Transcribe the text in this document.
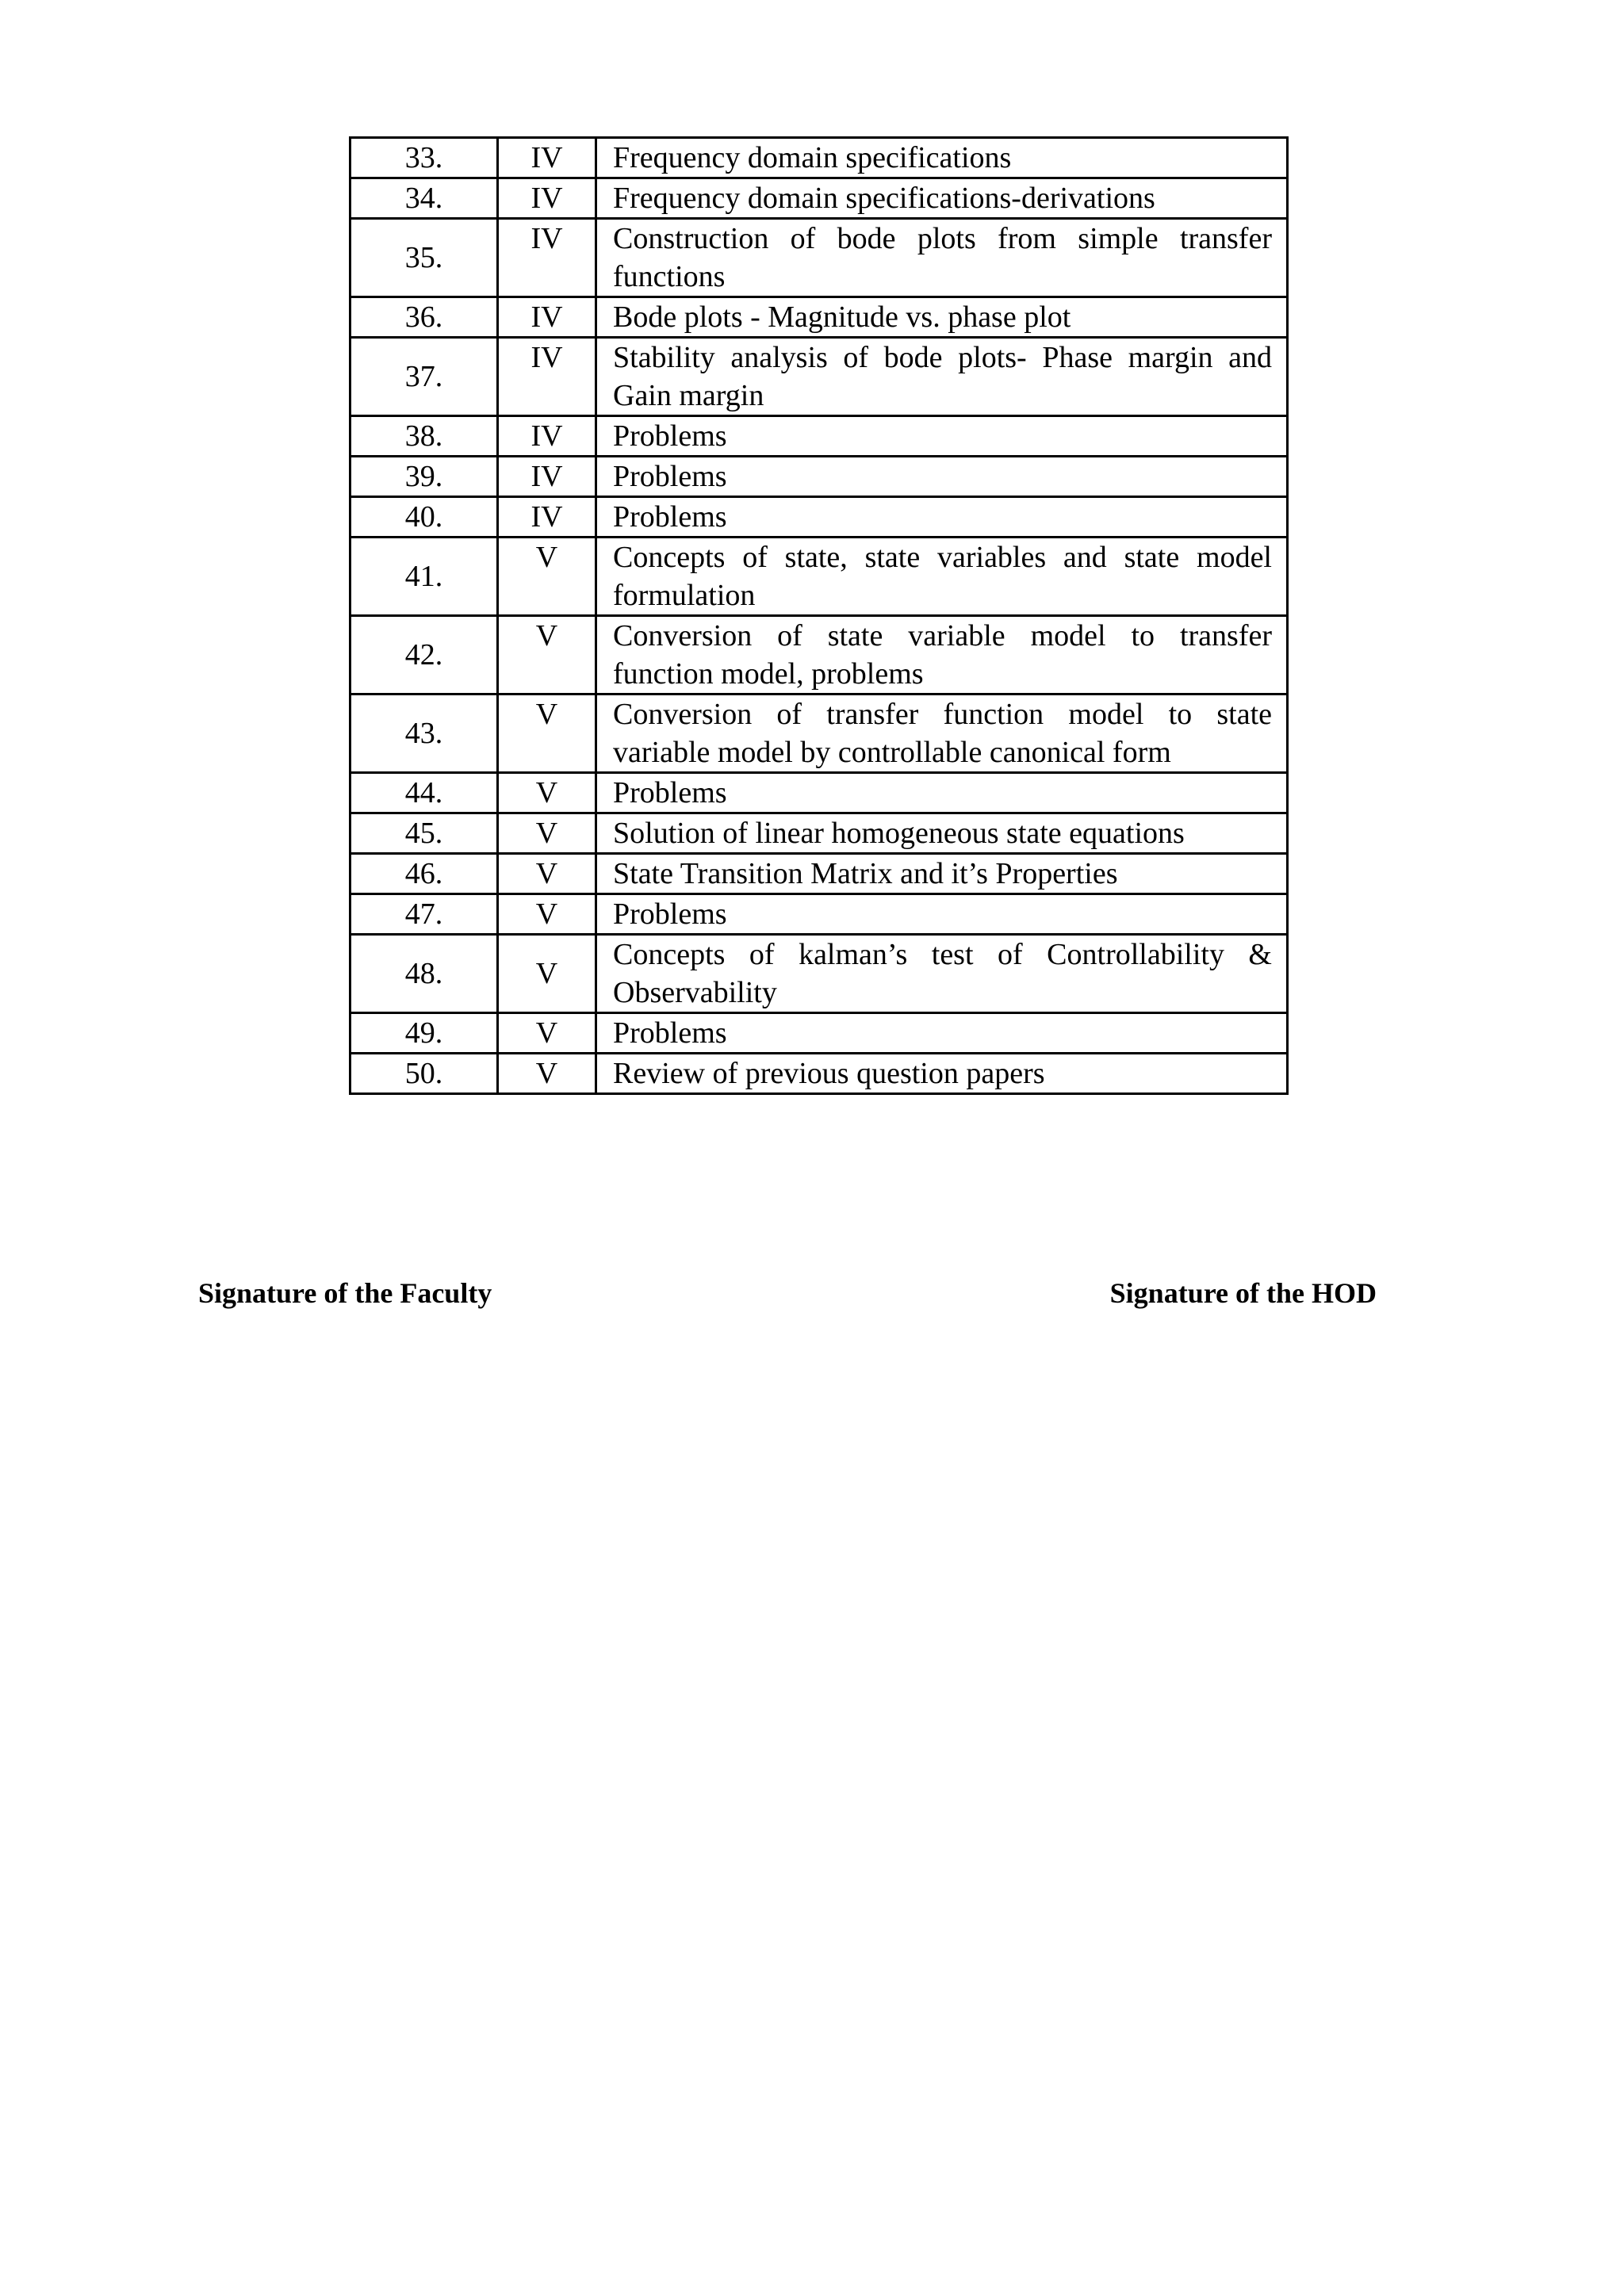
33.	IV	Frequency domain specifications
34.	IV	Frequency domain specifications-derivations
35.	IV	Construction of bode plots from simple transfer functions
36.	IV	Bode plots - Magnitude vs. phase plot
37.	IV	Stability analysis of bode plots- Phase margin and Gain margin
38.	IV	Problems
39.	IV	Problems
40.	IV	Problems
41.	V	Concepts of state, state variables and state model formulation
42.	V	Conversion of state variable model to transfer function model, problems
43.	V	Conversion of transfer function model to state variable model by controllable canonical form
44.	V	Problems
45.	V	Solution of linear homogeneous state equations
46.	V	State Transition Matrix and it’s Properties
47.	V	Problems
48.	V	Concepts of kalman’s test of Controllability & Observability
49.	V	Problems
50.	V	Review of previous question papers
Signature of the Faculty	Signature of the HOD
